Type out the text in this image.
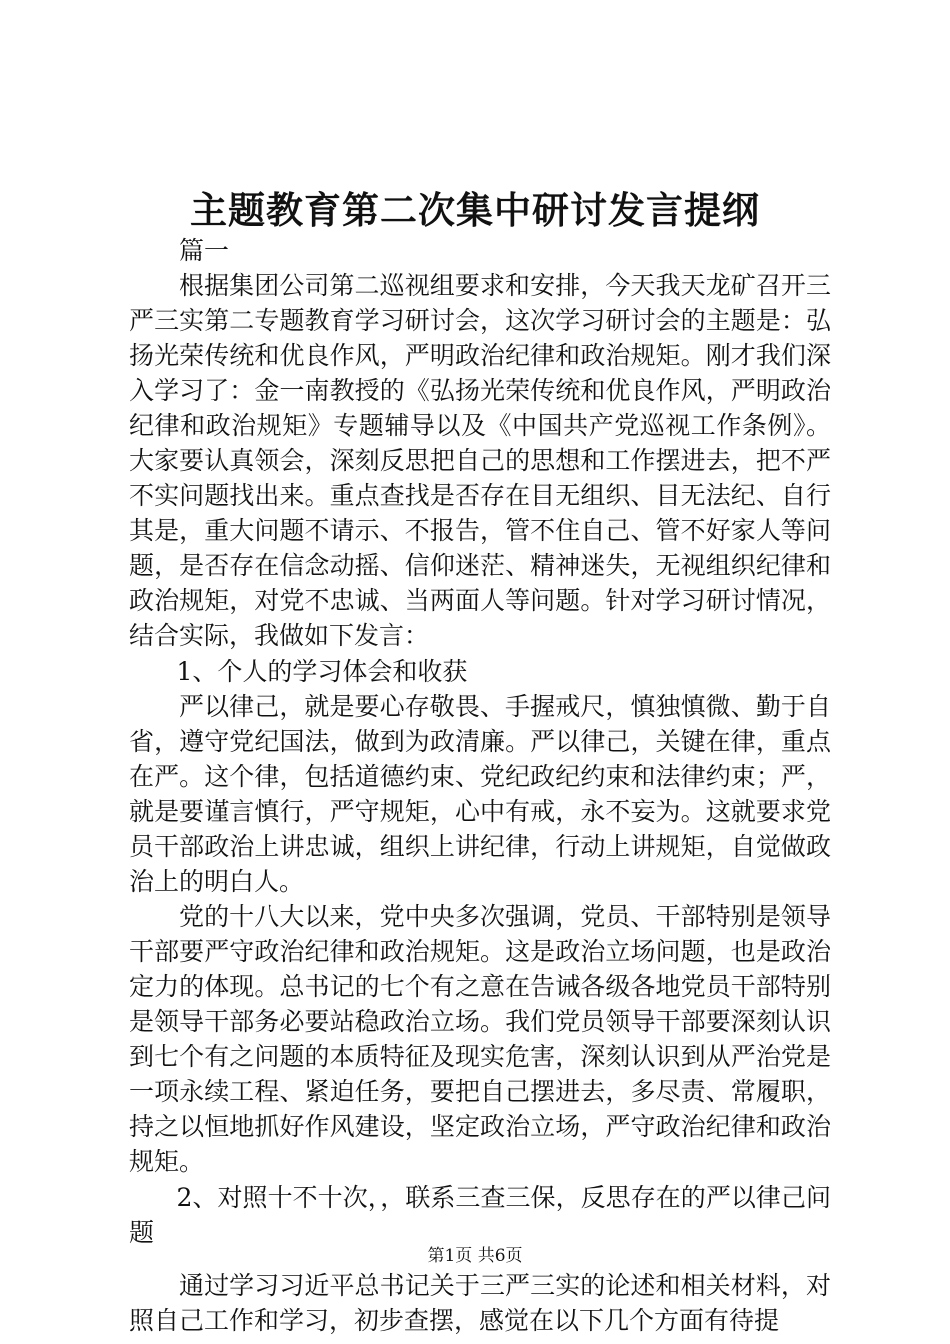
主题教育第二次集中研讨发言提纲

篇一

根据集团公司第二巡视组要求和安排，今天我天龙矿召开三严三实第二专题教育学习研讨会，这次学习研讨会的主题是：弘扬光荣传统和优良作风，严明政治纪律和政治规矩。刚才我们深入学习了：金一南教授的《弘扬光荣传统和优良作风，严明政治纪律和政治规矩》专题辅导以及《中国共产党巡视工作条例》。大家要认真领会，深刻反思把自己的思想和工作摆进去，把不严不实问题找出来。重点查找是否存在目无组织、目无法纪、自行其是，重大问题不请示、不报告，管不住自己、管不好家人等问题，是否存在信念动摇、信仰迷茫、精神迷失，无视组织纪律和政治规矩，对党不忠诚、当两面人等问题。针对学习研讨情况，结合实际，我做如下发言：

1、个人的学习体会和收获

严以律己，就是要心存敬畏、手握戒尺，慎独慎微、勤于自省，遵守党纪国法，做到为政清廉。严以律己，关键在律，重点在严。这个律，包括道德约束、党纪政纪约束和法律约束；严，就是要谨言慎行，严守规矩，心中有戒，永不妄为。这就要求党员干部政治上讲忠诚，组织上讲纪律，行动上讲规矩，自觉做政治上的明白人。

党的十八大以来，党中央多次强调，党员、干部特别是领导干部要严守政治纪律和政治规矩。这是政治立场问题，也是政治定力的体现。总书记的七个有之意在告诫各级各地党员干部特别是领导干部务必要站稳政治立场。我们党员领导干部要深刻认识到七个有之问题的本质特征及现实危害，深刻认识到从严治党是一项永续工程、紧迫任务，要把自己摆进去，多尽责、常履职，持之以恒地抓好作风建设，坚定政治立场，严守政治纪律和政治规矩。

2、对照十不十次，，联系三查三保，反思存在的严以律己问题

通过学习习近平总书记关于三严三实的论述和相关材料，对照自己工作和学习，初步查摆，感觉在以下几个方面有待提

第1页 共6页
